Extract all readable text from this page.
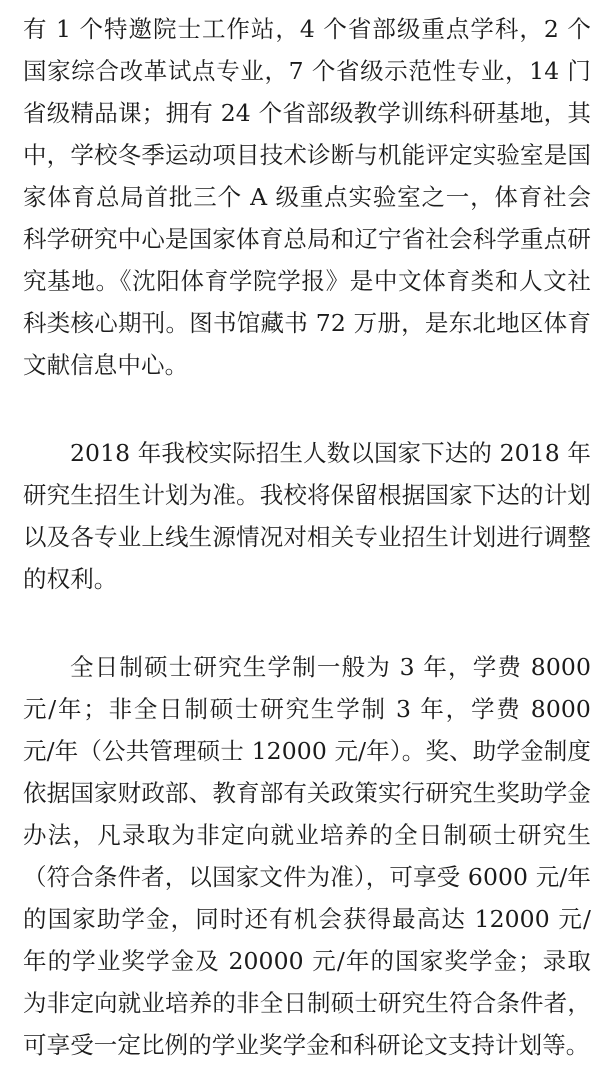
有 1 个特邀院士工作站，4 个省部级重点学科，2 个国家综合改革试点专业，7 个省级示范性专业，14 门省级精品课；拥有 24 个省部级教学训练科研基地，其中，学校冬季运动项目技术诊断与机能评定实验室是国家体育总局首批三个 A 级重点实验室之一，体育社会科学研究中心是国家体育总局和辽宁省社会科学重点研究基地。《沈阳体育学院学报》是中文体育类和人文社科类核心期刊。图书馆藏书 72 万册，是东北地区体育文献信息中心。

2018 年我校实际招生人数以国家下达的 2018 年研究生招生计划为准。我校将保留根据国家下达的计划以及各专业上线生源情况对相关专业招生计划进行调整的权利。

全日制硕士研究生学制一般为 3 年，学费 8000 元/年；非全日制硕士研究生学制 3 年，学费 8000 元/年（公共管理硕士 12000 元/年）。奖、助学金制度依据国家财政部、教育部有关政策实行研究生奖助学金办法，凡录取为非定向就业培养的全日制硕士研究生（符合条件者，以国家文件为准），可享受 6000 元/年的国家助学金，同时还有机会获得最高达 12000 元/年的学业奖学金及 20000 元/年的国家奖学金；录取为非定向就业培养的非全日制硕士研究生符合条件者，可享受一定比例的学业奖学金和科研论文支持计划等。
